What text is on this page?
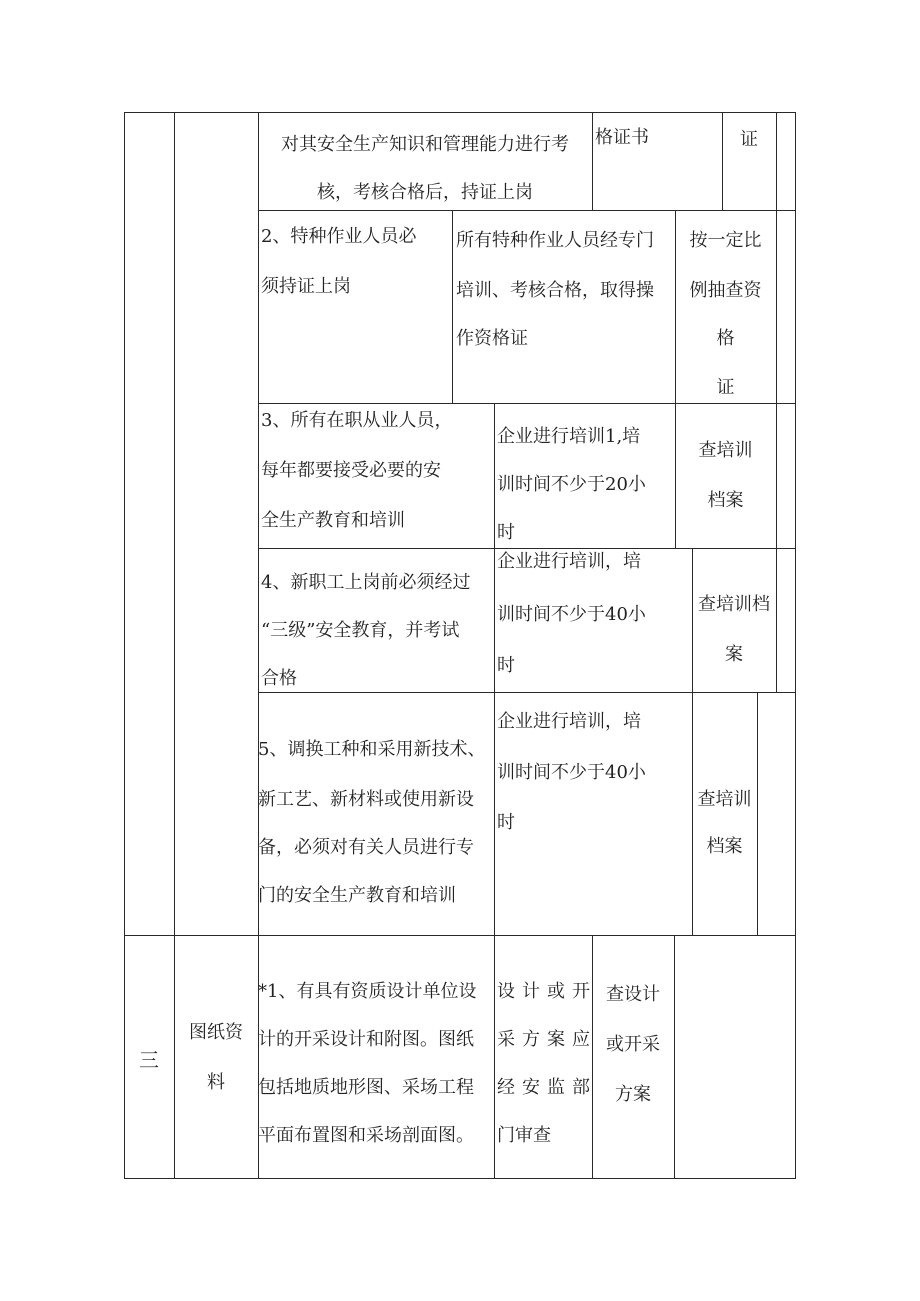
对其安全生产知识和管理能力进行考
核，考核合格后，持证上岗
格证书	证
2、特种作业人员必
须持证上岗
所有特种作业人员经专门
培训、考核合格，取得操
作资格证
按一定比
例抽查资
格
证
3、所有在职从业人员，
每年都要接受必要的安
全生产教育和培训
企业进行培训1,培
训时间不少于20小
时
查培训
档案
4、新职工上岗前必须经过
“三级”安全教育，并考试
合格
企业进行培训，培
训时间不少于40小
时
查培训档
案
5、调换工种和采用新技术、
新工艺、新材料或使用新设
备，必须对有关人员进行专
门的安全生产教育和培训
企业进行培训，培
训时间不少于40小
时
查培训
档案
三
图纸资
料
*1、有具有资质设计单位设
计的开采设计和附图。图纸
包括地质地形图、采场工程
平面布置图和采场剖面图。
设计或开
采方案应
经安监部
门审查
查设计
或开采
方案
